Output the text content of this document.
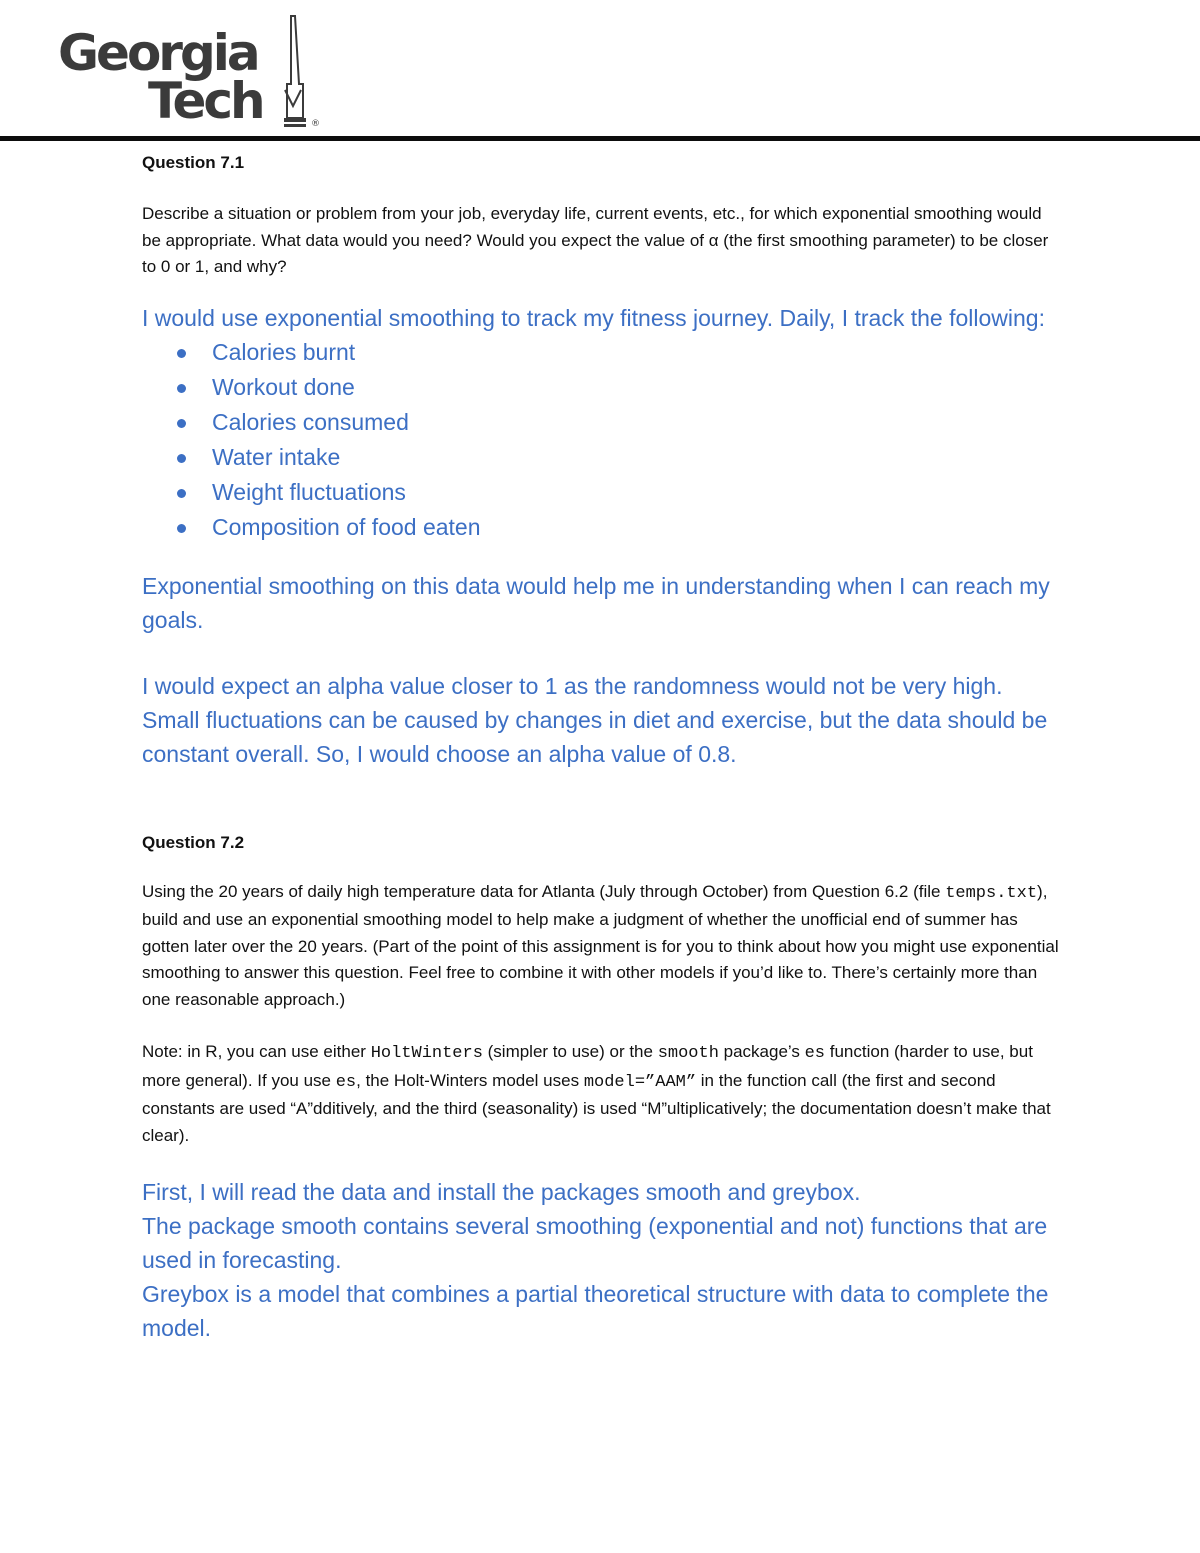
Georgia
Tech	®

Question 7.1

Describe a situation or problem from your job, everyday life, current events, etc., for which exponential smoothing would be appropriate. What data would you need? Would you expect the value of α (the first smoothing parameter) to be closer to 0 or 1, and why?

I would use exponential smoothing to track my fitness journey. Daily, I track the following:

Calories burnt
Workout done
Calories consumed
Water intake
Weight fluctuations
Composition of food eaten

Exponential smoothing on this data would help me in understanding when I can reach my goals.

I would expect an alpha value closer to 1 as the randomness would not be very high. Small fluctuations can be caused by changes in diet and exercise, but the data should be constant overall. So, I would choose an alpha value of 0.8.

Question 7.2

Using the 20 years of daily high temperature data for Atlanta (July through October) from Question 6.2 (file temps.txt), build and use an exponential smoothing model to help make a judgment of whether the unofficial end of summer has gotten later over the 20 years. (Part of the point of this assignment is for you to think about how you might use exponential smoothing to answer this question. Feel free to combine it with other models if you’d like to. There’s certainly more than one reasonable approach.)

Note: in R, you can use either HoltWinters (simpler to use) or the smooth package’s es function (harder to use, but more general). If you use es, the Holt-Winters model uses model=”AAM” in the function call (the first and second constants are used “A”dditively, and the third (seasonality) is used “M”ultiplicatively; the documentation doesn’t make that clear).

First, I will read the data and install the packages smooth and greybox.

The package smooth contains several smoothing (exponential and not) functions that are used in forecasting.

Greybox is a model that combines a partial theoretical structure with data to complete the model.
